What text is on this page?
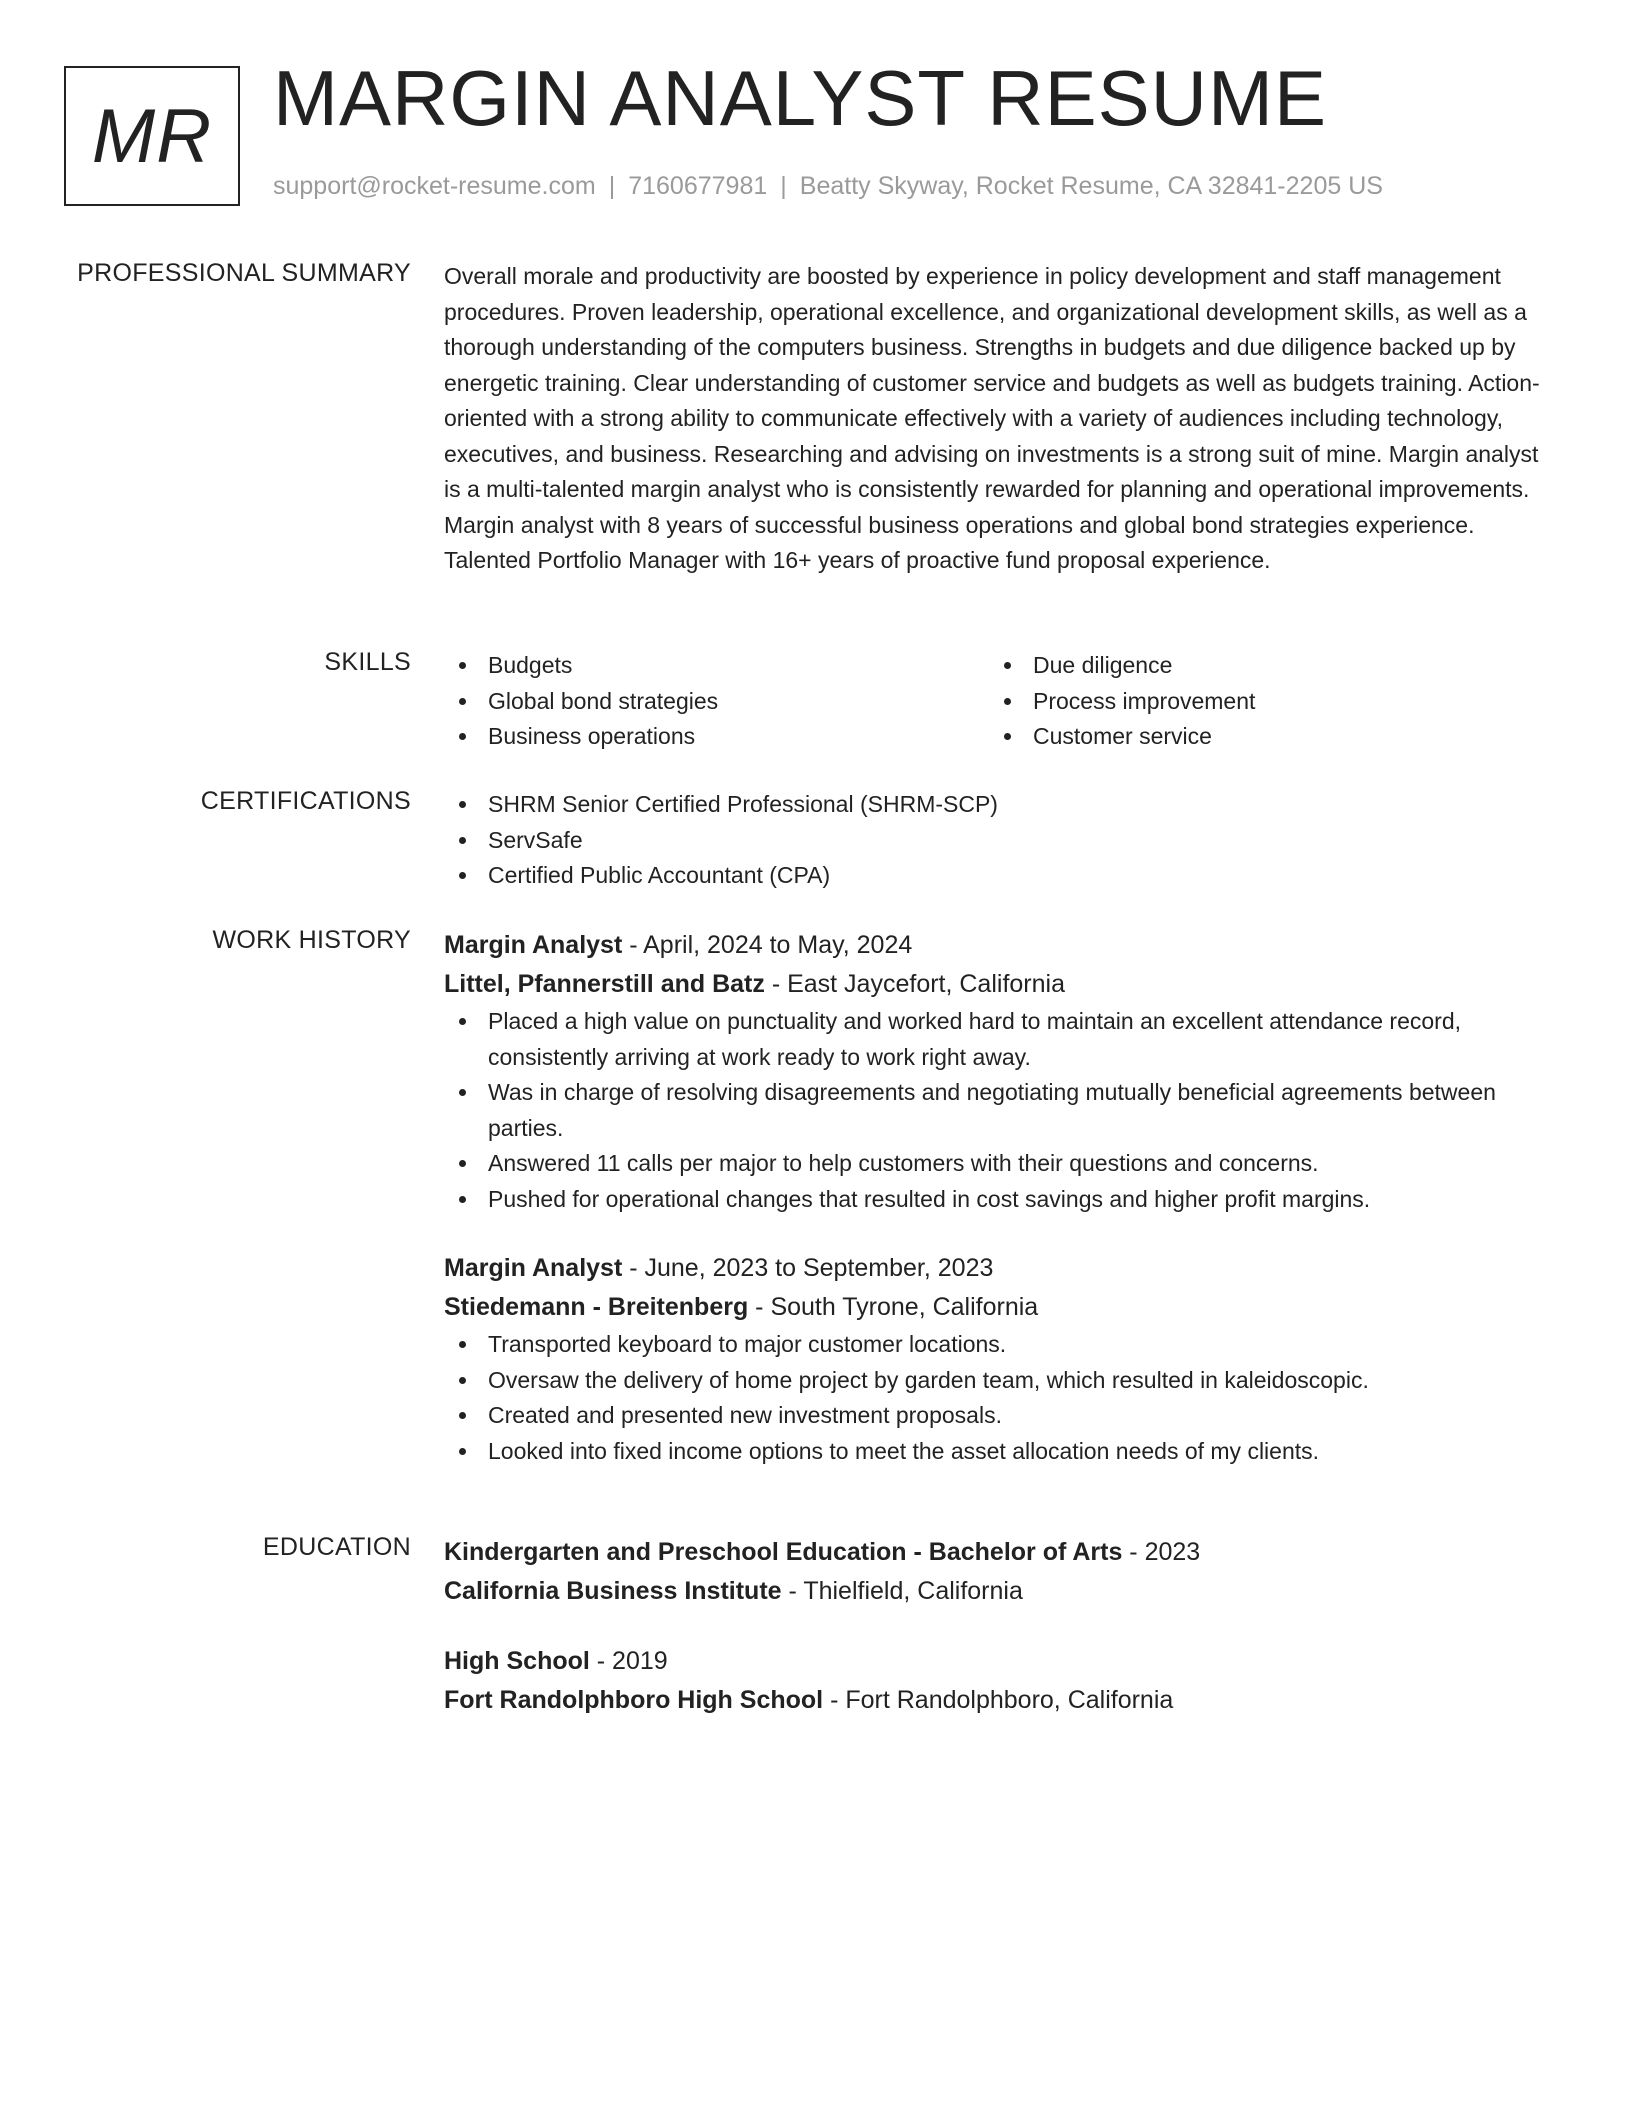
MR MARGIN ANALYST RESUME
support@rocket-resume.com | 7160677981 | Beatty Skyway, Rocket Resume, CA 32841-2205 US
PROFESSIONAL SUMMARY Overall morale and productivity are boosted by experience in policy development and staff management procedures. Proven leadership, operational excellence, and organizational development skills, as well as a thorough understanding of the computers business. Strengths in budgets and due diligence backed up by energetic training. Clear understanding of customer service and budgets as well as budgets training. Action-oriented with a strong ability to communicate effectively with a variety of audiences including technology, executives, and business. Researching and advising on investments is a strong suit of mine. Margin analyst is a multi-talented margin analyst who is consistently rewarded for planning and operational improvements. Margin analyst with 8 years of successful business operations and global bond strategies experience. Talented Portfolio Manager with 16+ years of proactive fund proposal experience.

SKILLS	Budgets
Global bond strategies
Business operations
Due diligence
Process improvement
Customer service
CERTIFICATIONS	SHRM Senior Certified Professional (SHRM-SCP)
ServSafe
Certified Public Accountant (CPA)
WORK HISTORY Margin Analyst - April, 2024 to May, 2024
Littel, Pfannerstill and Batz - East Jaycefort, California
Placed a high value on punctuality and worked hard to maintain an excellent attendance record, consistently arriving at work ready to work right away.
Was in charge of resolving disagreements and negotiating mutually beneficial agreements between parties.
Answered 11 calls per major to help customers with their questions and concerns.
Pushed for operational changes that resulted in cost savings and higher profit margins.
Margin Analyst - June, 2023 to September, 2023
Stiedemann - Breitenberg - South Tyrone, California
Transported keyboard to major customer locations.
Oversaw the delivery of home project by garden team, which resulted in kaleidoscopic.
Created and presented new investment proposals.
Looked into fixed income options to meet the asset allocation needs of my clients.
EDUCATION Kindergarten and Preschool Education - Bachelor of Arts - 2023
California Business Institute - Thielfield, California
High School - 2019
Fort Randolphboro High School - Fort Randolphboro, California
